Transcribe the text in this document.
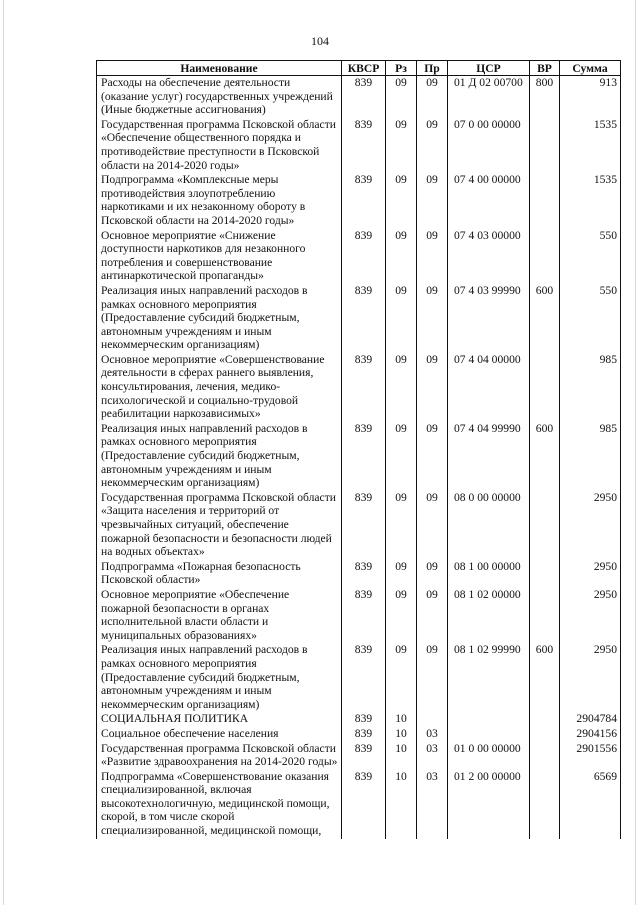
104
Наименование	КВСР	Рз	Пр	ЦСР	ВР	Сумма
Расходы на обеспечение деятельности (оказание услуг) государственных учреждений (Иные бюджетные ассигнования)	839	09	09	01 Д 02 00700	800	913
Государственная программа Псковской области «Обеспечение общественного порядка и противодействие преступности в Псковской области на 2014-2020 годы»	839	09	09	07 0 00 00000		1535
Подпрограмма «Комплексные меры противодействия злоупотреблению наркотиками и их незаконному обороту в Псковской области на 2014-2020 годы»	839	09	09	07 4 00 00000		1535
Основное мероприятие «Снижение доступности наркотиков для незаконного потребления и совершенствование антинаркотической пропаганды»	839	09	09	07 4 03 00000		550
Реализация иных направлений расходов в рамках основного мероприятия (Предоставление субсидий бюджетным, автономным учреждениям и иным некоммерческим организациям)	839	09	09	07 4 03 99990	600	550
Основное мероприятие «Совершенствование деятельности в сферах раннего выявления, консультирования, лечения, медико-психологической и социально-трудовой реабилитации наркозависимых»	839	09	09	07 4 04 00000		985
Реализация иных направлений расходов в рамках основного мероприятия (Предоставление субсидий бюджетным, автономным учреждениям и иным некоммерческим организациям)	839	09	09	07 4 04 99990	600	985
Государственная программа Псковской области «Защита населения и территорий от чрезвычайных ситуаций, обеспечение пожарной безопасности и безопасности людей на водных объектах»	839	09	09	08 0 00 00000		2950
Подпрограмма «Пожарная безопасность Псковской области»	839	09	09	08 1 00 00000		2950
Основное мероприятие «Обеспечение пожарной безопасности в органах исполнительной власти области и муниципальных образованиях»	839	09	09	08 1 02 00000		2950
Реализация иных направлений расходов в рамках основного мероприятия (Предоставление субсидий бюджетным, автономным учреждениям и иным некоммерческим организациям)	839	09	09	08 1 02 99990	600	2950
СОЦИАЛЬНАЯ ПОЛИТИКА	839	10				2904784
Социальное обеспечение населения	839	10	03			2904156
Государственная программа Псковской области «Развитие здравоохранения на 2014-2020 годы»	839	10	03	01 0 00 00000		2901556
Подпрограмма «Совершенствование оказания специализированной, включая высокотехнологичную, медицинской помощи, скорой, в том числе скорой специализированной, медицинской помощи,	839	10	03	01 2 00 00000		6569
